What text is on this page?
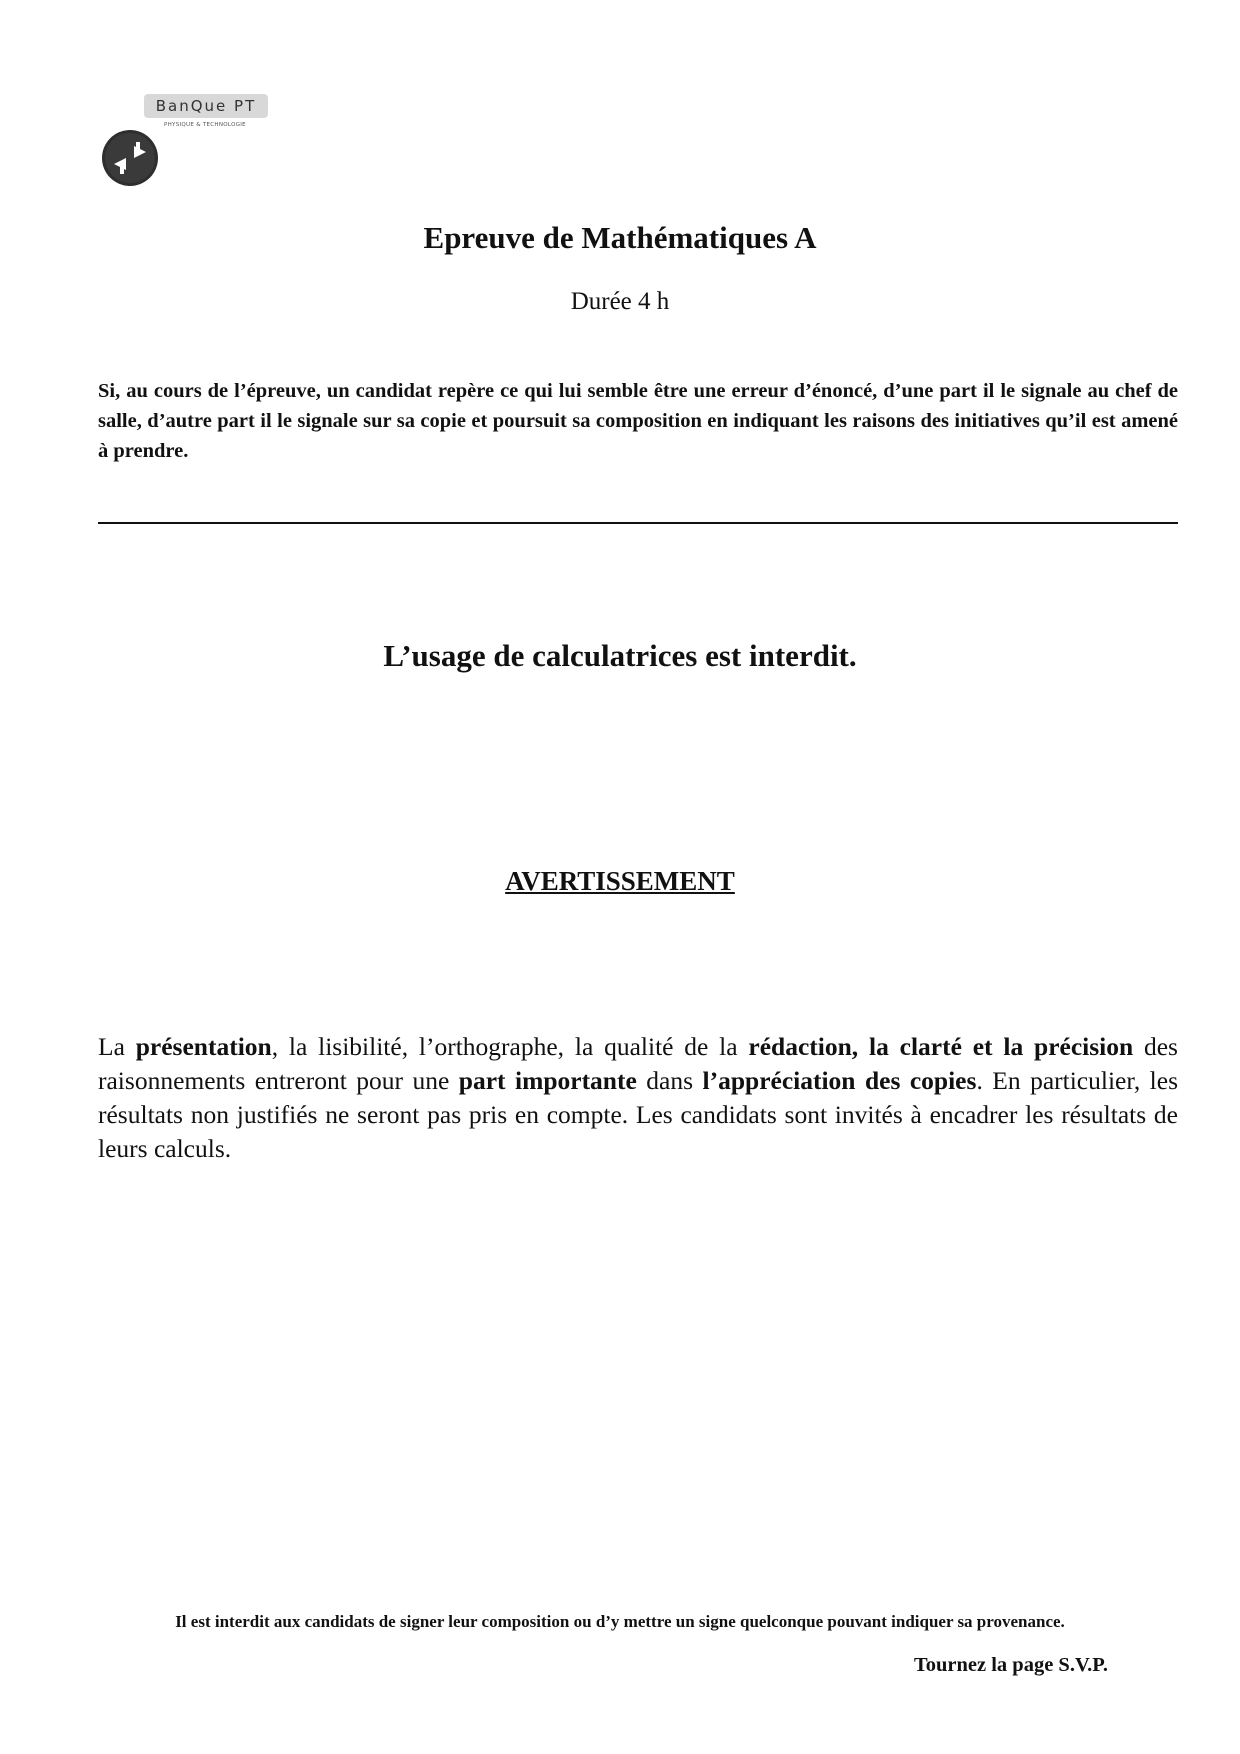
BanQue PT
PHYSIQUE & TECHNOLOGIE
Epreuve de Mathématiques A
Durée 4 h
Si, au cours de l’épreuve, un candidat repère ce qui lui semble être une erreur d’énoncé, d’une part il le signale au chef de salle, d’autre part il le signale sur sa copie et poursuit sa composition en indiquant les raisons des initiatives qu’il est amené à prendre.
L’usage de calculatrices est interdit.
AVERTISSEMENT
La présentation, la lisibilité, l’orthographe, la qualité de la rédaction, la clarté et la précision des raisonnements entreront pour une part importante dans l’appréciation des copies. En particulier, les résultats non justifiés ne seront pas pris en compte. Les candidats sont invités à encadrer les résultats de leurs calculs.
Il est interdit aux candidats de signer leur composition ou d’y mettre un signe quelconque pouvant indiquer sa provenance.
Tournez la page S.V.P.
